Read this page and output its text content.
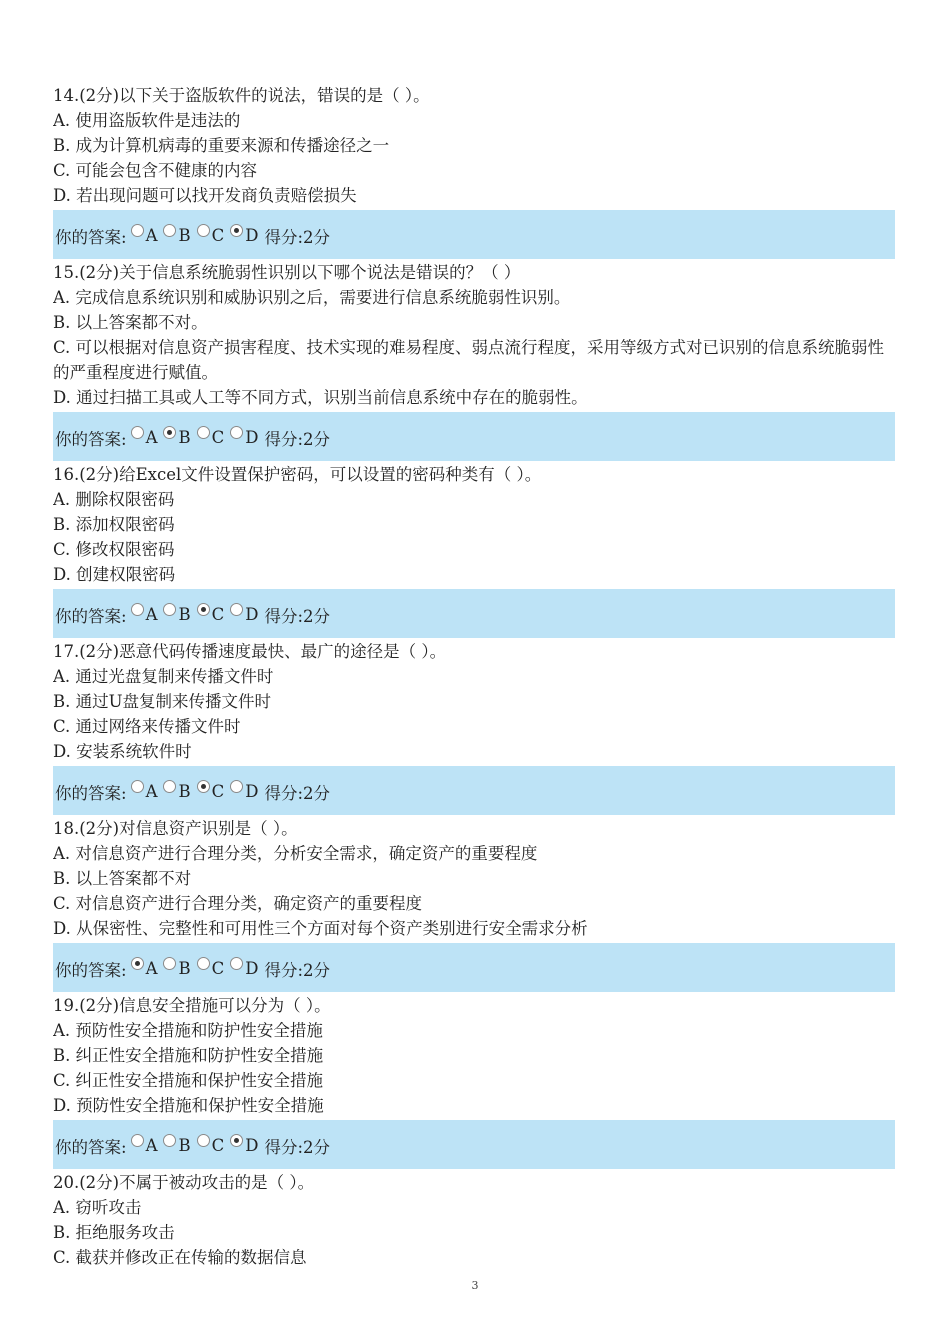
14.(2分)以下关于盗版软件的说法，错误的是（ ）。
A. 使用盗版软件是违法的
B. 成为计算机病毒的重要来源和传播途径之一
C. 可能会包含不健康的内容
D. 若出现问题可以找开发商负责赔偿损失
你的答案: A B C D 得分:2分
15.(2分)关于信息系统脆弱性识别以下哪个说法是错误的？（ ）
A. 完成信息系统识别和威胁识别之后，需要进行信息系统脆弱性识别。
B. 以上答案都不对。
C. 可以根据对信息资产损害程度、技术实现的难易程度、弱点流行程度，采用等级方式对已识别的信息系统脆弱性的严重程度进行赋值。
D. 通过扫描工具或人工等不同方式，识别当前信息系统中存在的脆弱性。
你的答案: A B C D 得分:2分
16.(2分)给Excel文件设置保护密码，可以设置的密码种类有（ ）。
A. 删除权限密码
B. 添加权限密码
C. 修改权限密码
D. 创建权限密码
你的答案: A B C D 得分:2分
17.(2分)恶意代码传播速度最快、最广的途径是（ ）。
A. 通过光盘复制来传播文件时
B. 通过U盘复制来传播文件时
C. 通过网络来传播文件时
D. 安装系统软件时
你的答案: A B C D 得分:2分
18.(2分)对信息资产识别是（ ）。
A. 对信息资产进行合理分类，分析安全需求，确定资产的重要程度
B. 以上答案都不对
C. 对信息资产进行合理分类，确定资产的重要程度
D. 从保密性、完整性和可用性三个方面对每个资产类别进行安全需求分析
你的答案: A B C D 得分:2分
19.(2分)信息安全措施可以分为（ ）。
A. 预防性安全措施和防护性安全措施
B. 纠正性安全措施和防护性安全措施
C. 纠正性安全措施和保护性安全措施
D. 预防性安全措施和保护性安全措施
你的答案: A B C D 得分:2分
20.(2分)不属于被动攻击的是（ ）。
A. 窃听攻击
B. 拒绝服务攻击
C. 截获并修改正在传输的数据信息
3
